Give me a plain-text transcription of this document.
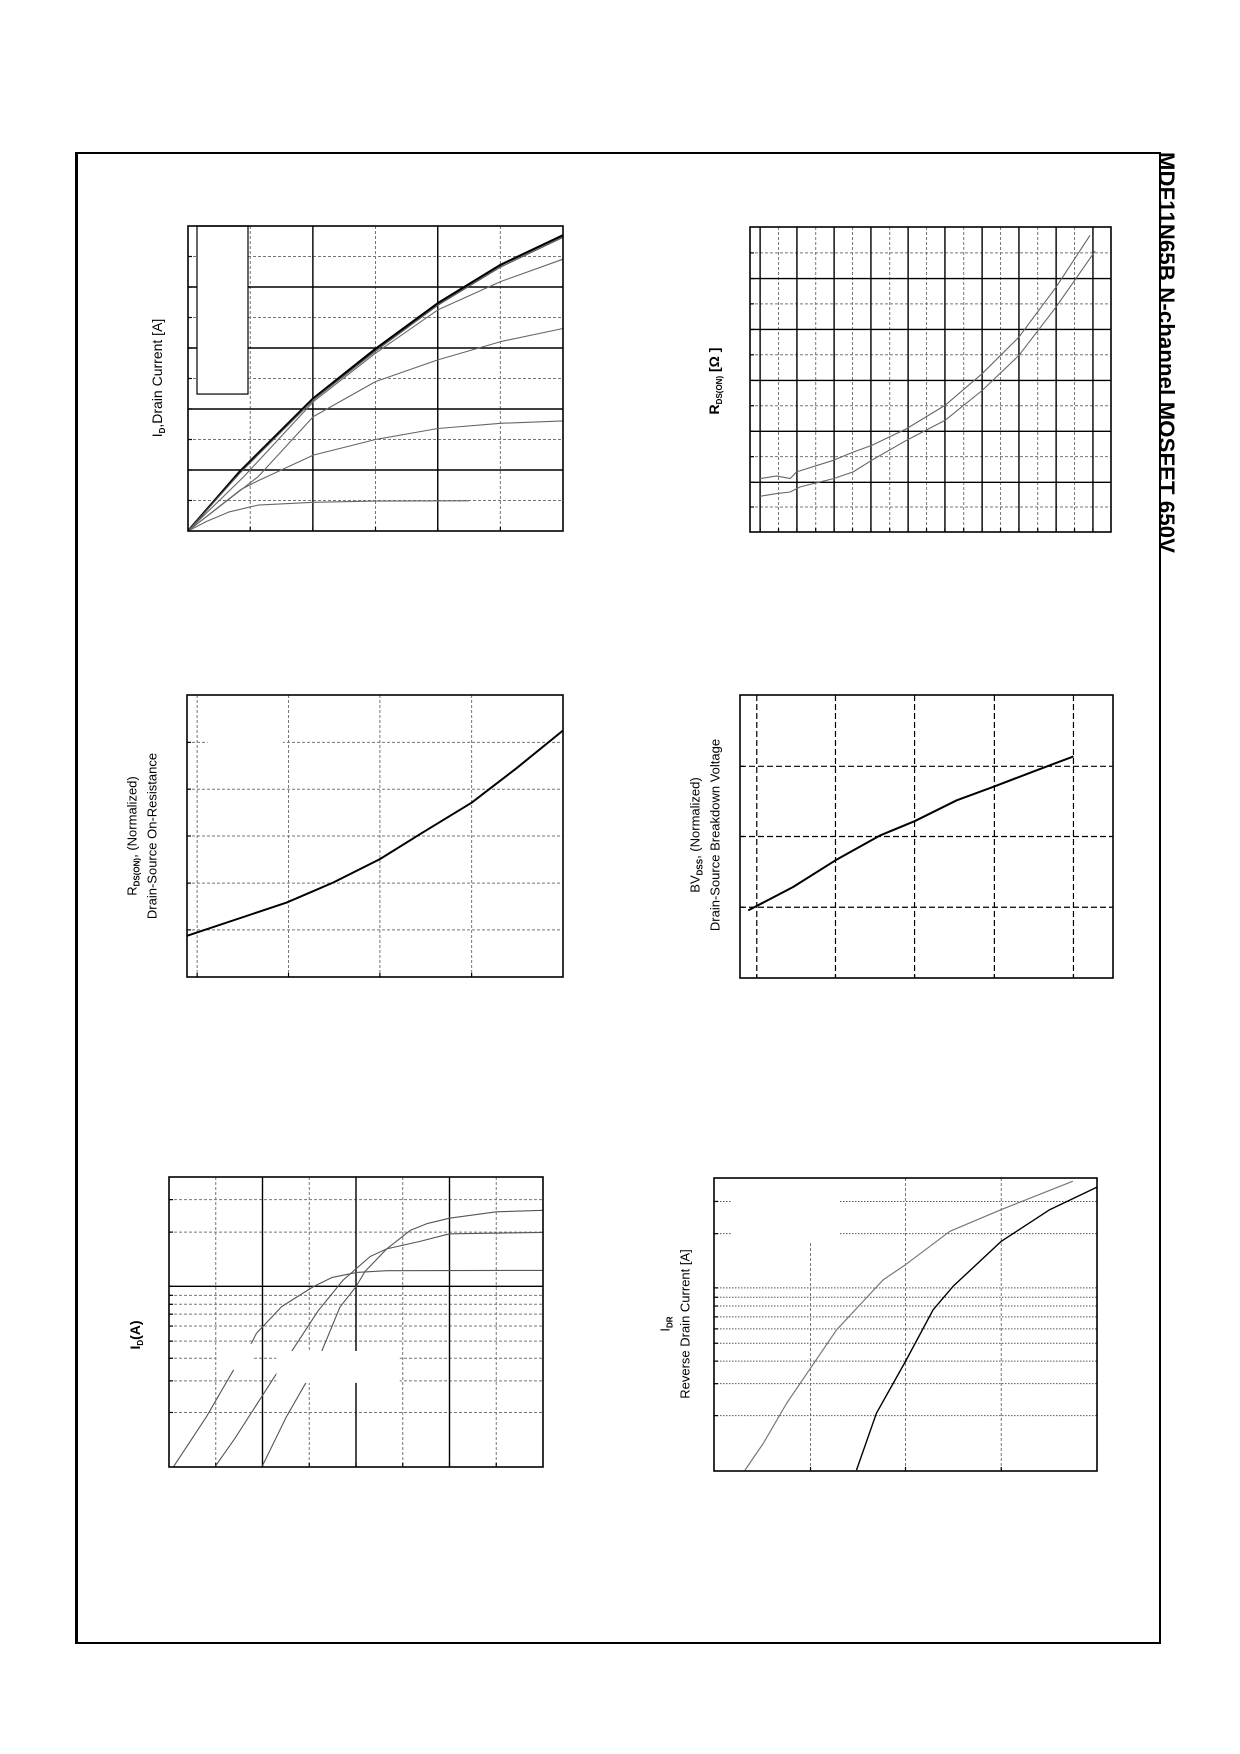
MDF11N65B N-channel MOSFET 650V
$I_D,Drain$ Current [A]
$R_{DS(ON)}$, (Normalized) Drain-Source On-Resistance
$I_D(A)$
$R_{DS(ON)}$ [Ω ]
$BV_{DSS}$, (Normalized) Drain-Source Breakdown Voltage
$I_{DR}$ Reverse Drain Current [A]
